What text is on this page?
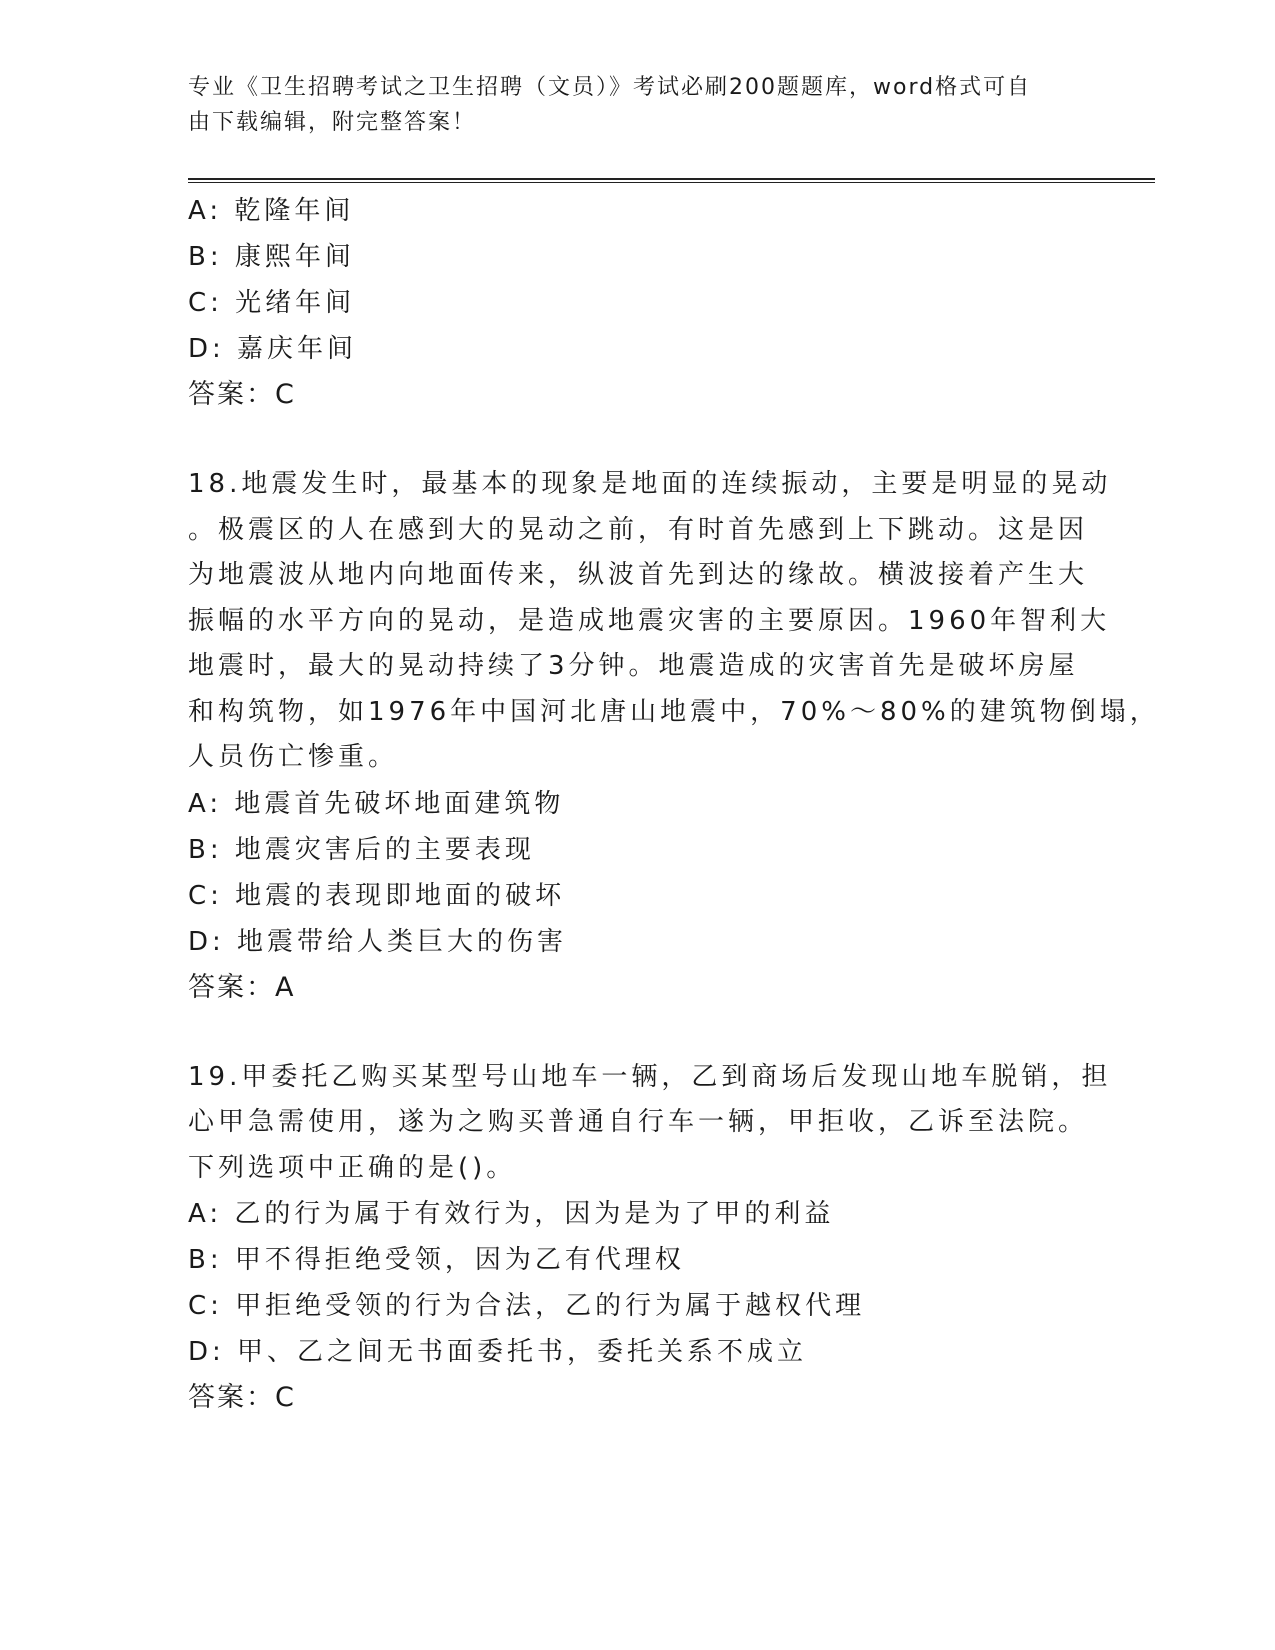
专业《卫生招聘考试之卫生招聘（文员）》考试必刷200题题库，word格式可自
由下载编辑，附完整答案！
A: 乾隆年间
B: 康熙年间
C: 光绪年间
D: 嘉庆年间
答案：C
18.地震发生时，最基本的现象是地面的连续振动，主要是明显的晃动
。极震区的人在感到大的晃动之前，有时首先感到上下跳动。这是因
为地震波从地内向地面传来，纵波首先到达的缘故。横波接着产生大
振幅的水平方向的晃动，是造成地震灾害的主要原因。1960年智利大
地震时，最大的晃动持续了3分钟。地震造成的灾害首先是破坏房屋
和构筑物，如1976年中国河北唐山地震中，70%～80%的建筑物倒塌，
人员伤亡惨重。
A: 地震首先破坏地面建筑物
B: 地震灾害后的主要表现
C: 地震的表现即地面的破坏
D: 地震带给人类巨大的伤害
答案：A
19.甲委托乙购买某型号山地车一辆，乙到商场后发现山地车脱销，担
心甲急需使用，遂为之购买普通自行车一辆，甲拒收，乙诉至法院。
下列选项中正确的是()。
A: 乙的行为属于有效行为，因为是为了甲的利益
B: 甲不得拒绝受领，因为乙有代理权
C: 甲拒绝受领的行为合法，乙的行为属于越权代理
D: 甲、乙之间无书面委托书，委托关系不成立
答案：C
